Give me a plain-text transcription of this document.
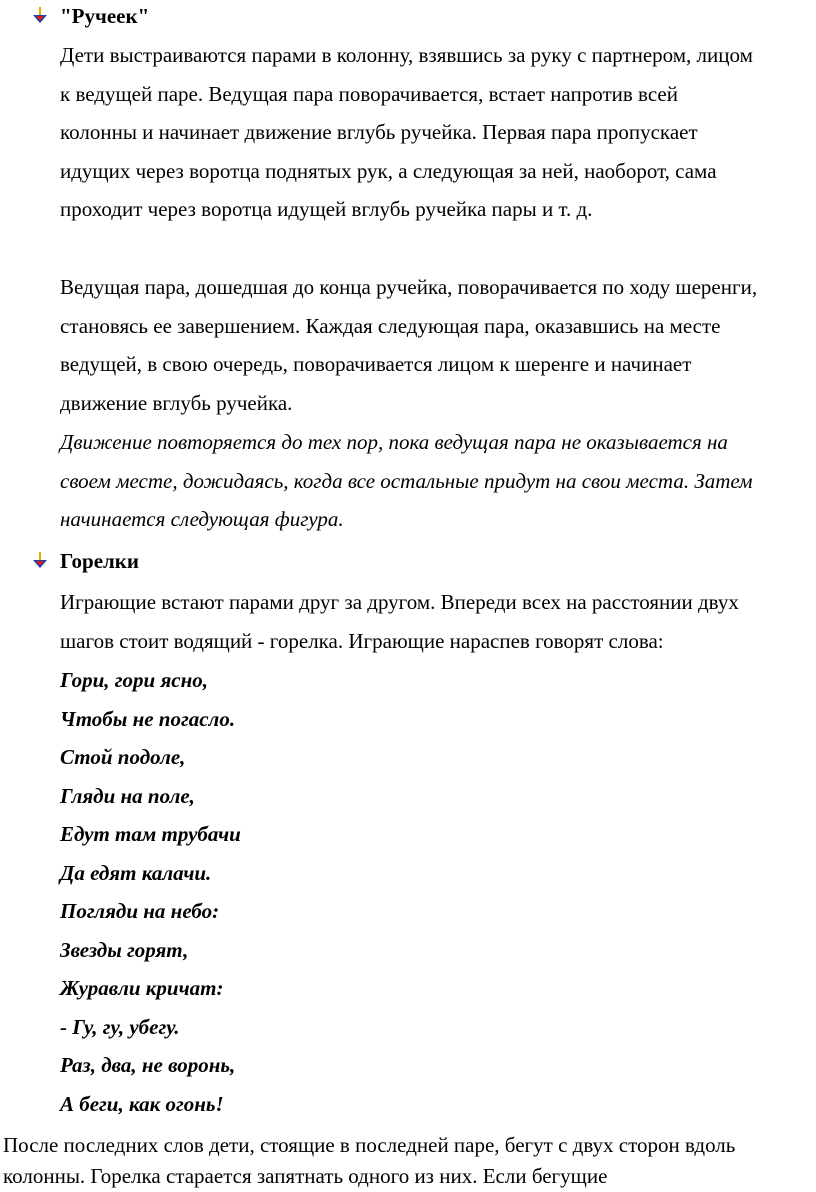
"Ручеек"
Дети выстраиваются парами в колонну, взявшись за руку с партнером, лицом
к ведущей паре. Ведущая пара поворачивается, встает напротив всей
колонны и начинает движение вглубь ручейка. Первая пара пропускает
идущих через воротца поднятых рук, а следующая за ней, наоборот, сама
проходит через воротца идущей вглубь ручейка пары и т. д.
Ведущая пара, дошедшая до конца ручейка, поворачивается по ходу шеренги,
становясь ее завершением. Каждая следующая пара, оказавшись на месте
ведущей, в свою очередь, поворачивается лицом к шеренге и начинает
движение вглубь ручейка.
Движение повторяется до тех пор, пока ведущая пара не оказывается на
своем месте, дожидаясь, когда все остальные придут на свои места. Затем
начинается следующая фигура.
Горелки
Играющие встают парами друг за другом. Впереди всех на расстоянии двух
шагов стоит водящий - горелка. Играющие нараспев говорят слова:
Гори, гори ясно,
Чтобы не погасло.
Стой подоле,
Гляди на поле,
Едут там трубачи
Да едят калачи.
Погляди на небо:
Звезды горят,
Журавли кричат:
- Гу, гу, убегу.
Раз, два, не воронь,
А беги, как огонь!
После последних слов дети, стоящие в последней паре, бегут с двух сторон вдоль
колонны. Горелка старается запятнать одного из них. Если бегущие
